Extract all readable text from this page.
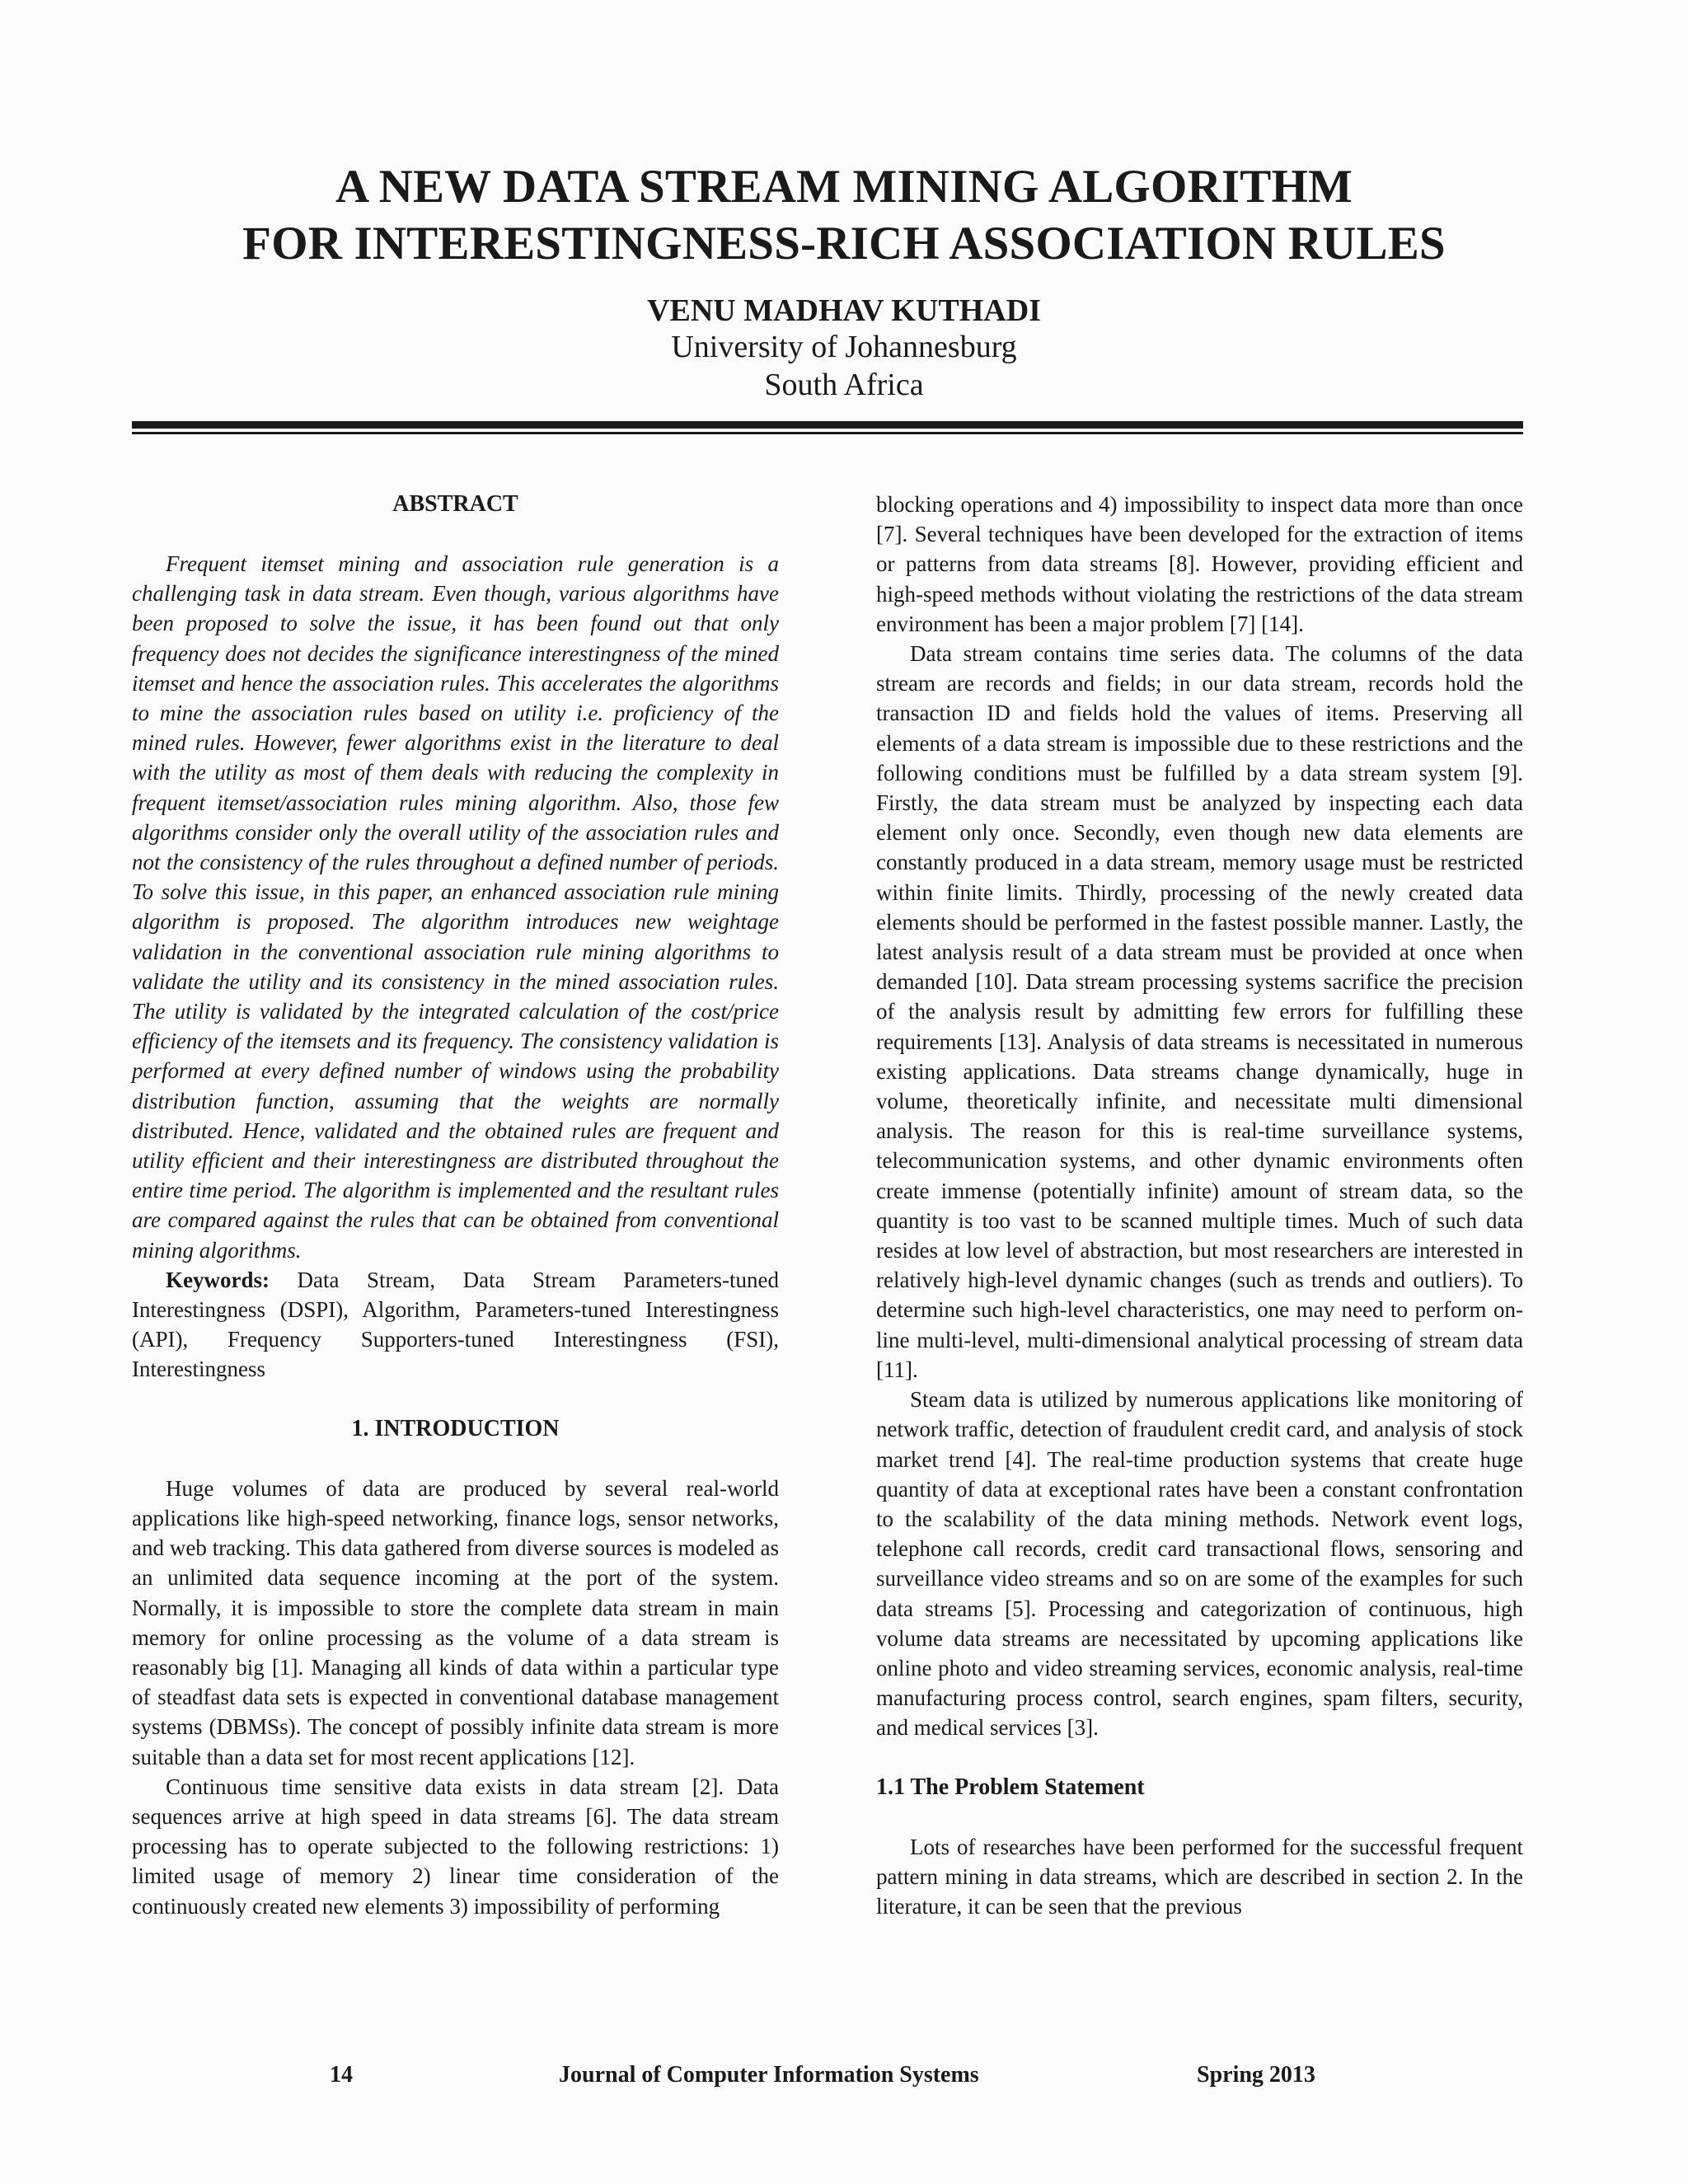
A NEW DATA STREAM MINING ALGORITHM
FOR INTERESTINGNESS-RICH ASSOCIATION RULES
VENU MADHAV KUTHADI
University of Johannesburg
South Africa
ABSTRACT

Frequent itemset mining and association rule generation is a challenging task in data stream. Even though, various algorithms have been proposed to solve the issue, it has been found out that only frequency does not decides the significance interestingness of the mined itemset and hence the association rules. This accelerates the algorithms to mine the association rules based on utility i.e. proficiency of the mined rules. However, fewer algorithms exist in the literature to deal with the utility as most of them deals with reducing the complexity in frequent itemset/association rules mining algorithm. Also, those few algorithms consider only the overall utility of the association rules and not the consistency of the rules throughout a defined number of periods. To solve this issue, in this paper, an enhanced association rule mining algorithm is proposed. The algorithm introduces new weightage validation in the conventional association rule mining algorithms to validate the utility and its consistency in the mined association rules. The utility is validated by the integrated calculation of the cost/price efficiency of the itemsets and its frequency. The consistency validation is performed at every defined number of windows using the probability distribution function, assuming that the weights are normally distributed. Hence, validated and the obtained rules are frequent and utility efficient and their interestingness are distributed throughout the entire time period. The algorithm is implemented and the resultant rules are compared against the rules that can be obtained from conventional mining algorithms.

Keywords: Data Stream, Data Stream Parameters-tuned Interestingness (DSPI), Algorithm, Parameters-tuned Interestingness (API), Frequency Supporters-tuned Interestingness (FSI), Interestingness

1. INTRODUCTION

Huge volumes of data are produced by several real-world applications like high-speed networking, finance logs, sensor networks, and web tracking. This data gathered from diverse sources is modeled as an unlimited data sequence incoming at the port of the system. Normally, it is impossible to store the complete data stream in main memory for online processing as the volume of a data stream is reasonably big [1]. Managing all kinds of data within a particular type of steadfast data sets is expected in conventional database management systems (DBMSs). The concept of possibly infinite data stream is more suitable than a data set for most recent applications [12].

Continuous time sensitive data exists in data stream [2]. Data sequences arrive at high speed in data streams [6]. The data stream processing has to operate subjected to the following restrictions: 1) limited usage of memory 2) linear time consideration of the continuously created new elements 3) impossibility of performing

blocking operations and 4) impossibility to inspect data more than once [7]. Several techniques have been developed for the extraction of items or patterns from data streams [8]. However, providing efficient and high-speed methods without violating the restrictions of the data stream environment has been a major problem [7] [14].

Data stream contains time series data. The columns of the data stream are records and fields; in our data stream, records hold the transaction ID and fields hold the values of items. Preserving all elements of a data stream is impossible due to these restrictions and the following conditions must be fulfilled by a data stream system [9]. Firstly, the data stream must be analyzed by inspecting each data element only once. Secondly, even though new data elements are constantly produced in a data stream, memory usage must be restricted within finite limits. Thirdly, processing of the newly created data elements should be performed in the fastest possible manner. Lastly, the latest analysis result of a data stream must be provided at once when demanded [10]. Data stream processing systems sacrifice the precision of the analysis result by admitting few errors for fulfilling these requirements [13]. Analysis of data streams is necessitated in numerous existing applications. Data streams change dynamically, huge in volume, theoretically infinite, and necessitate multi dimensional analysis. The reason for this is real-time surveillance systems, telecommunication systems, and other dynamic environments often create immense (potentially infinite) amount of stream data, so the quantity is too vast to be scanned multiple times. Much of such data resides at low level of abstraction, but most researchers are interested in relatively high-level dynamic changes (such as trends and outliers). To determine such high-level characteristics, one may need to perform on-line multi-level, multi-dimensional analytical processing of stream data [11].

Steam data is utilized by numerous applications like monitoring of network traffic, detection of fraudulent credit card, and analysis of stock market trend [4]. The real-time production systems that create huge quantity of data at exceptional rates have been a constant confrontation to the scalability of the data mining methods. Network event logs, telephone call records, credit card transactional flows, sensoring and surveillance video streams and so on are some of the examples for such data streams [5]. Processing and categorization of continuous, high volume data streams are necessitated by upcoming applications like online photo and video streaming services, economic analysis, real-time manufacturing process control, search engines, spam filters, security, and medical services [3].

1.1 The Problem Statement

Lots of researches have been performed for the successful frequent pattern mining in data streams, which are described in section 2. In the literature, it can be seen that the previous

14	Journal of Computer Information Systems	Spring 2013
